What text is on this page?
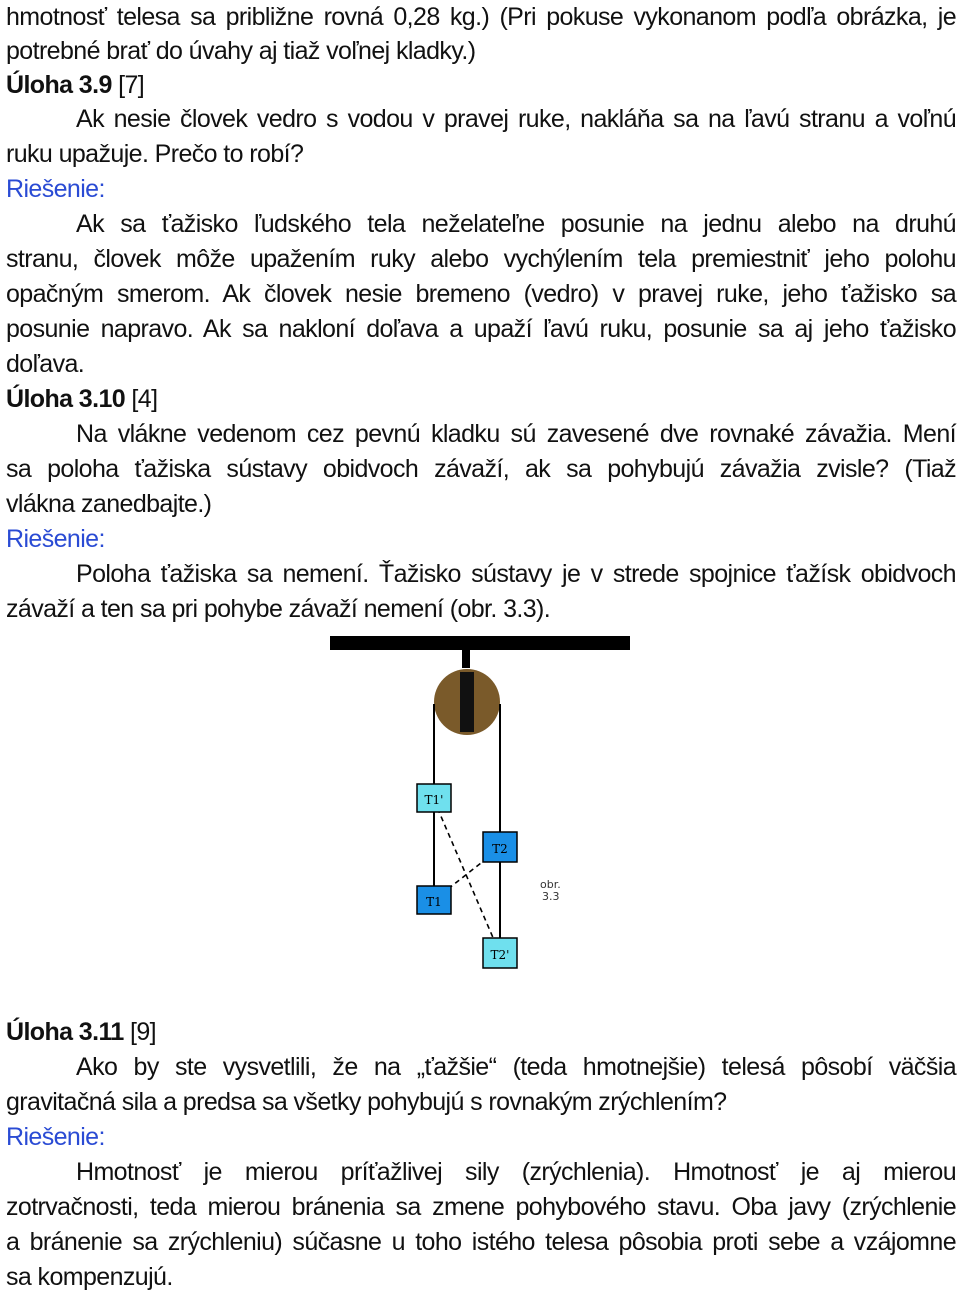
hmotnosť telesa sa približne rovná 0,28 kg.) (Pri pokuse vykonanom podľa obrázka, je
potrebné brať do úvahy aj tiaž voľnej kladky.)
Úloha 3.9 [7]
Ak nesie človek vedro s vodou v pravej ruke, nakláňa sa na ľavú stranu a voľnú
ruku upažuje. Prečo to robí?
Riešenie:
Ak sa ťažisko ľudského tela neželateľne posunie na jednu alebo na druhú
stranu, človek môže upažením ruky alebo vychýlením tela premiestniť jeho polohu
opačným smerom. Ak človek nesie bremeno (vedro) v pravej ruke, jeho ťažisko sa
posunie napravo. Ak sa nakloní doľava a upaží ľavú ruku, posunie sa aj jeho ťažisko
doľava.
Úloha 3.10 [4]
Na vlákne vedenom cez pevnú kladku sú zavesené dve rovnaké závažia. Mení
sa poloha ťažiska sústavy obidvoch závaží, ak sa pohybujú závažia zvisle? (Tiaž
vlákna zanedbajte.)
Riešenie:
Poloha ťažiska sa nemení. Ťažisko sústavy je v strede spojnice ťažísk obidvoch
závaží a ten sa pri pohybe závaží nemení (obr. 3.3).
T1'
T2
T1
T2'
obr.
3.3
Úloha 3.11 [9]
Ako by ste vysvetlili, že na „ťažšie“ (teda hmotnejšie) telesá pôsobí väčšia
gravitačná sila a predsa sa všetky pohybujú s rovnakým zrýchlením?
Riešenie:
Hmotnosť je mierou príťažlivej sily (zrýchlenia). Hmotnosť je aj mierou
zotrvačnosti, teda mierou bránenia sa zmene pohybového stavu. Oba javy (zrýchlenie
a bránenie sa zrýchleniu) súčasne u toho istého telesa pôsobia proti sebe a vzájomne
sa kompenzujú.
